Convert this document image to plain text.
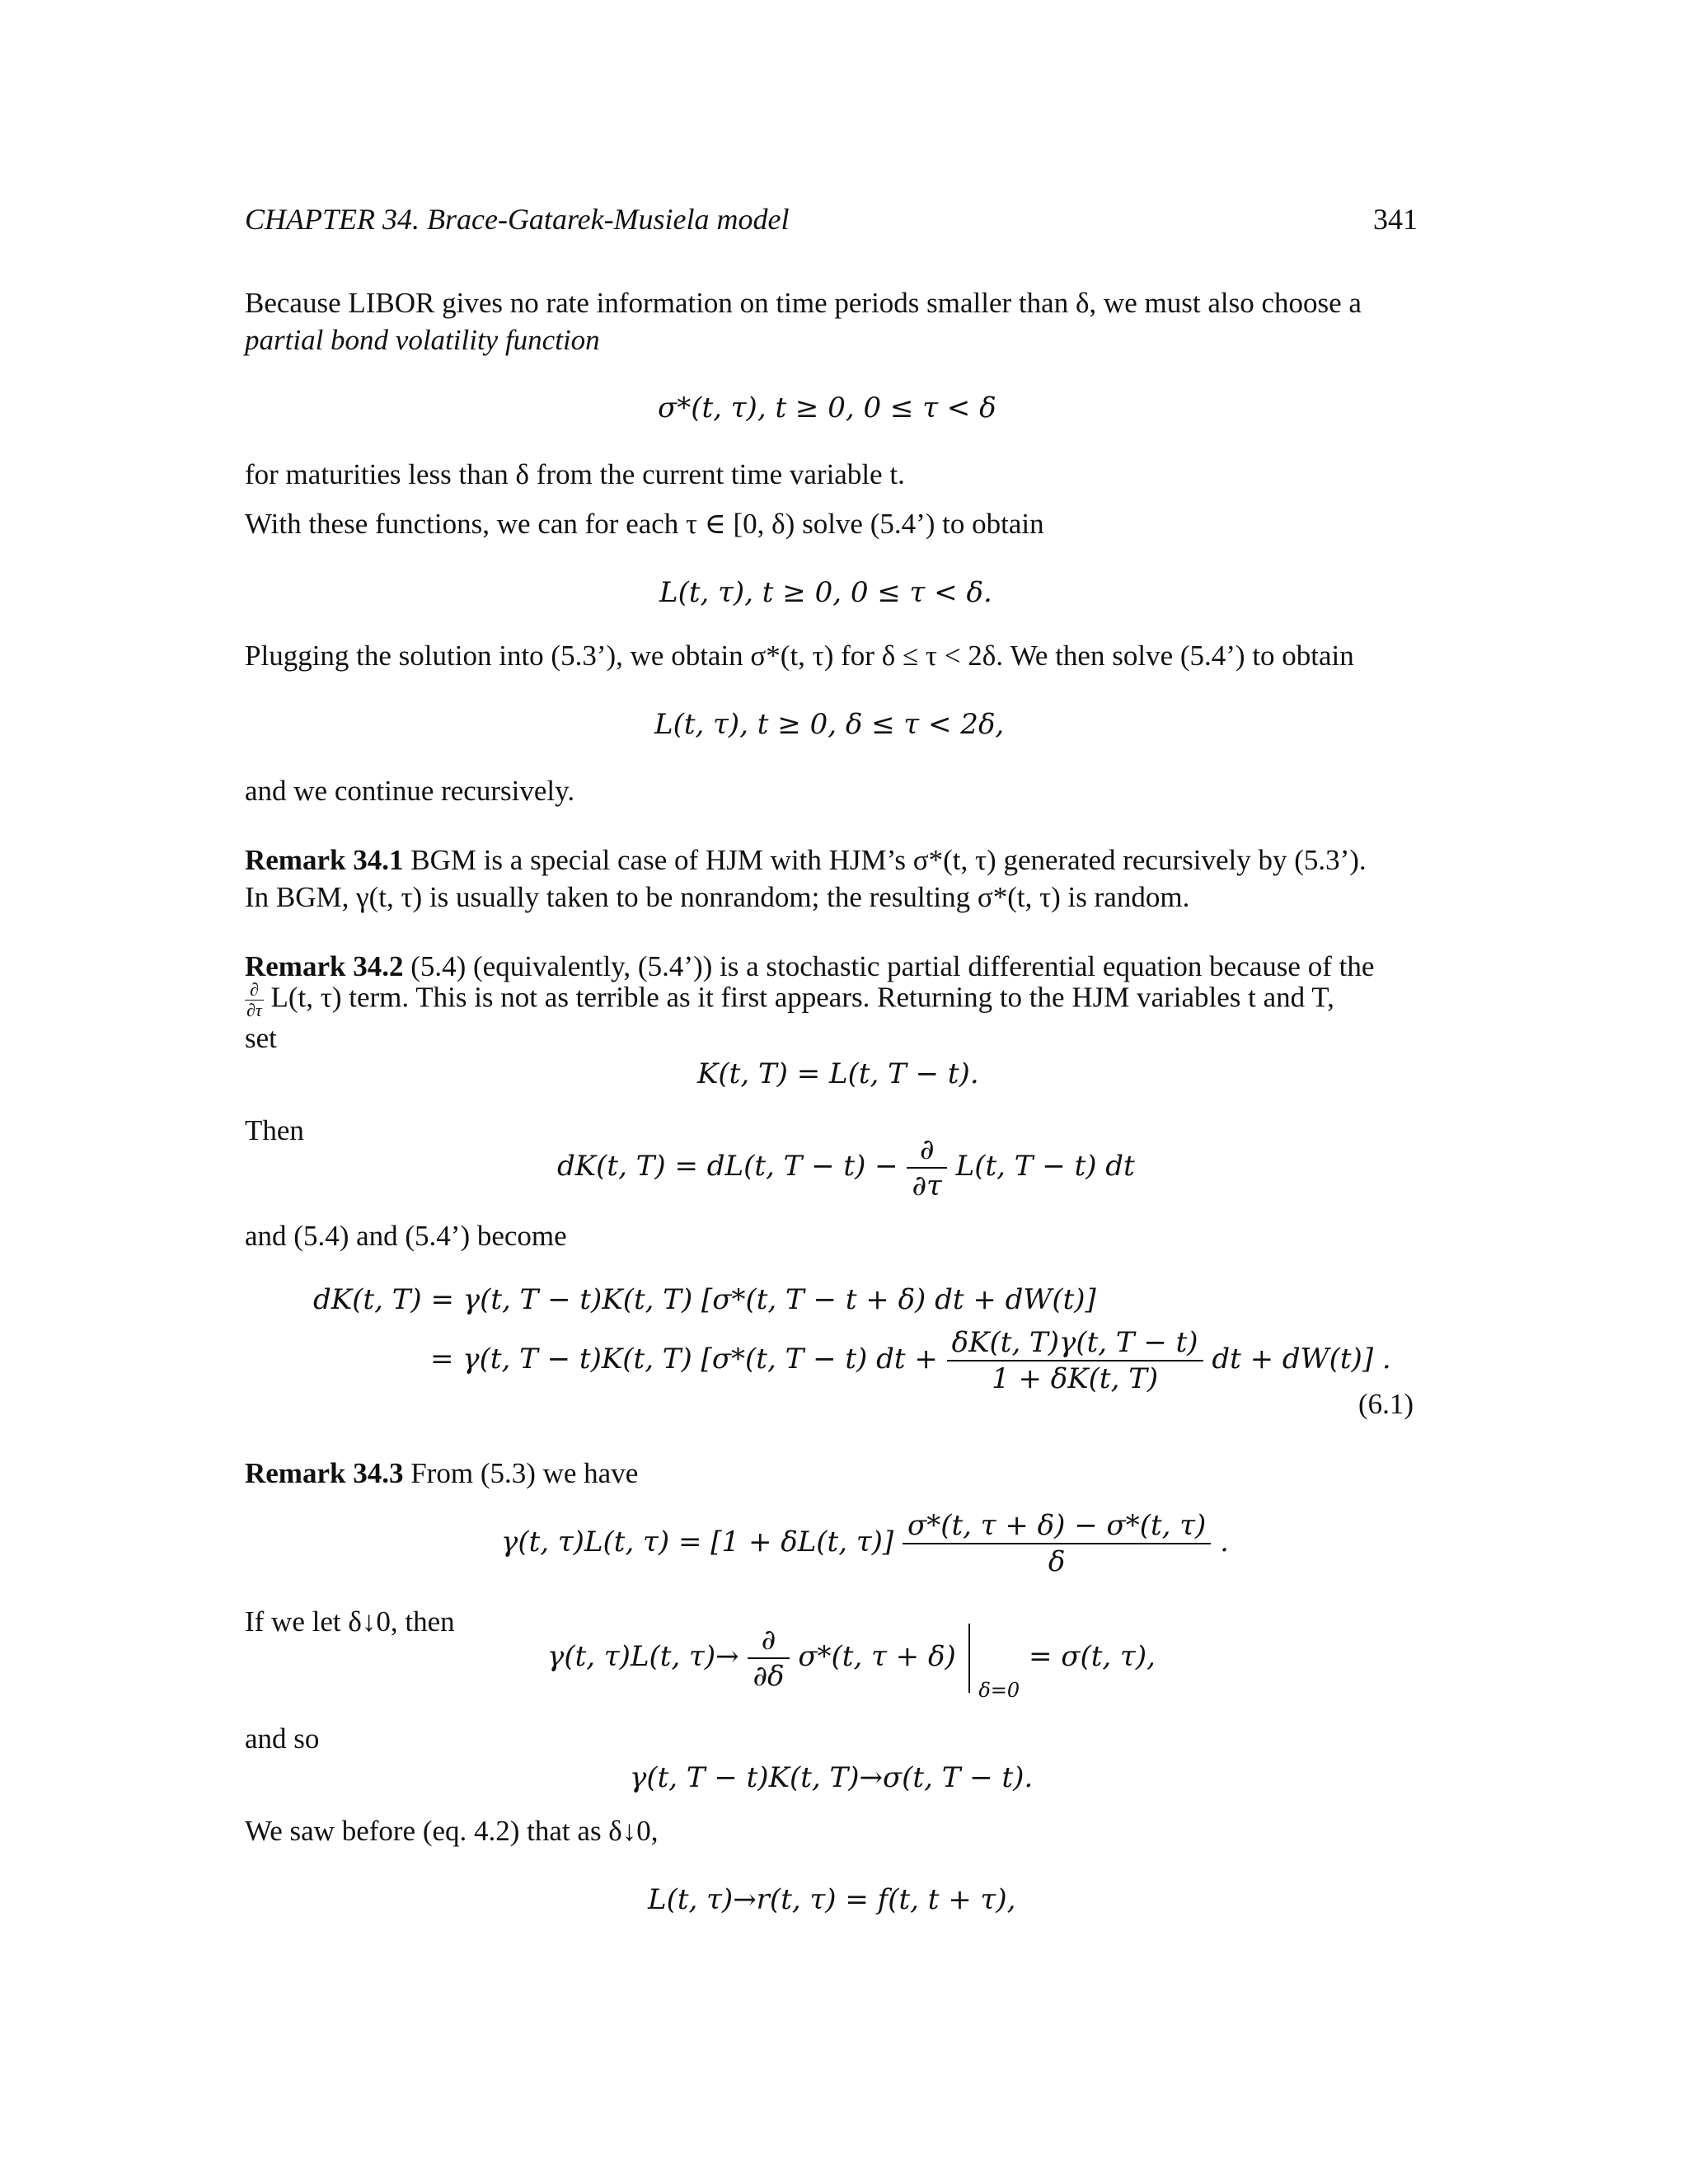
CHAPTER 34. Brace-Gatarek-Musiela model	341
Because LIBOR gives no rate information on time periods smaller than δ, we must also choose a
partial bond volatility function
σ*(t, τ), t ≥ 0, 0 ≤ τ < δ
for maturities less than δ from the current time variable t.
With these functions, we can for each τ ∈ [0, δ) solve (5.4’) to obtain
L(t, τ), t ≥ 0, 0 ≤ τ < δ.
Plugging the solution into (5.3’), we obtain σ*(t, τ) for δ ≤ τ < 2δ. We then solve (5.4’) to obtain
L(t, τ), t ≥ 0, δ ≤ τ < 2δ,
and we continue recursively.
Remark 34.1 BGM is a special case of HJM with HJM’s σ*(t, τ) generated recursively by (5.3’).
In BGM, γ(t, τ) is usually taken to be nonrandom; the resulting σ*(t, τ) is random.
Remark 34.2 (5.4) (equivalently, (5.4’)) is a stochastic partial differential equation because of the
$\frac{\partial}{\partial\tau} L(t$, τ) term. This is not as terrible as it first appears. Returning to the HJM variables t and T,
set
K(t, T) = L(t, T − t).
Then
dK(t, T) = dL(t, $T - t) - \frac{\partial}{\partial\tau} L(t$, T − t) dt
and (5.4) and (5.4’) become
dK(t, T) = γ(t, T − t)K(t, T) [σ*(t, T − t + δ) dt + dW(t)]
= γ(t, T − t)K(t, T) [σ*(t, T − t) dt + $\frac{\delta K(t, T)\gamma(t, T - t)}{1 + \delta K(t, T)}$ dt + dW(t)] .
(6.1)
Remark 34.3 From (5.3) we have
γ(t, τ)L(t, τ) = [1 + δL(t, $\tau)] \frac{\sigma*(t, \tau + \delta) - \sigma*(t, \tau)}{\delta}$ .
If we let δ↓0, then
γ(t, τ)L(t, $\tau)\to \frac{\partial}{\partial\delta} \sigma*(t$, τ + δ)  $_{\delta=0}$ = σ(t, τ),
and so
γ(t, T − t)K(t, T)→σ(t, T − t).
We saw before (eq. 4.2) that as δ↓0,
L(t, τ)→r(t, τ) = f(t, t + τ),
